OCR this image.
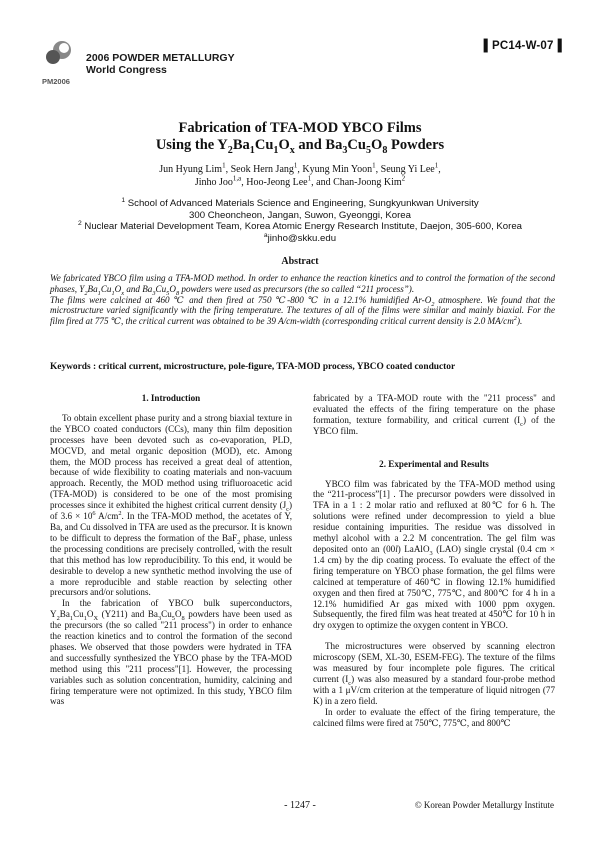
PM2006
2006 POWDER METALLURGY
World Congress
▌PC14-W-07▐
Fabrication of TFA-MOD YBCO Films
Using the $Y_2Ba_1Cu_1O_x$ and $Ba_3Cu_5O_8$ Powders
Jun Hyung Lim$^1$, Seok Hern Jang$^1$, Kyung Min Yoon$^1$, Seung Yi Lee$^1$,
Jinho Joo$^{1,a}$, Hoo-Jeong Lee$^1$, and Chan-Joong Kim$^2$
$^1$ School of Advanced Materials Science and Engineering, Sungkyunkwan University
300 Cheoncheon, Jangan, Suwon, Gyeonggi, Korea
$^2$ Nuclear Material Development Team, Korea Atomic Energy Research Institute, Daejon, 305-600, Korea
$^a$jinho@skku.edu
Abstract

We fabricated YBCO film using a TFA-MOD method. In order to enhance the reaction kinetics and to control the formation of the second phases, $Y_2Ba_1Cu_1O_x$ and $Ba_3Cu_5O_8$ powders were used as precursors (the so called “211 process”).

The films were calcined at 460 ℃ and then fired at 750 ℃-800 ℃ in a 12.1% humidified $Ar-O_2$ atmosphere. We found that the microstructure varied significantly with the firing temperature. The textures of all of the films were similar and mainly biaxial. For the film fired at 775 ℃, the critical current was obtained to be 39 A/cm-width (corresponding critical current density is 2.0 $MA/cm^2$).

Keywords : critical current, microstructure, pole-figure, TFA-MOD process, YBCO coated conductor

1. Introduction

To obtain excellent phase purity and a strong biaxial texture in the YBCO coated conductors (CCs), many thin film deposition processes have been devoted such as co-evaporation, PLD, MOCVD, and metal organic deposition (MOD), etc. Among them, the MOD process has received a great deal of attention, because of wide flexibility to coating materials and non-vacuum approach. Recently, the MOD method using trifluoroacetic acid (TFA-MOD) is considered to be one of the most promising processes since it exhibited the highest critical current density $(J_c)$ of $3.6 \times 10^6$ $A/cm^2$. In the TFA-MOD method, the acetates of Y, Ba, and Cu dissolved in TFA are used as the precursor. It is known to be difficult to depress the formation of the BaF$_2$ phase, unless the processing conditions are precisely controlled, with the result that this method has low reproducibility. To this end, it would be desirable to develop a new synthetic method involving the use of a more reproducible and stable reaction by selecting other precursors and/or solutions.

In the fabrication of YBCO bulk superconductors, $Y_2Ba_1Cu_1O_X$ (Y211) and $Ba_3Cu_5O_8$ powders have been used as the precursors (the so called "211 process") in order to enhance the reaction kinetics and to control the formation of the second phases. We observed that those powders were hydrated in TFA and successfully synthesized the YBCO phase by the TFA-MOD method using this "211 process"[1]. However, the processing variables such as solution concentration, humidity, calcining and firing temperature were not optimized. In this study, YBCO film was

fabricated by a TFA-MOD route with the "211 process" and evaluated the effects of the firing temperature on the phase formation, texture formability, and critical current $(I_c)$ of the YBCO film.

2. Experimental and Results

YBCO film was fabricated by the TFA-MOD method using the “211-process”[1] . The precursor powders were dissolved in TFA in a 1 : 2 molar ratio and refluxed at 80℃ for 6 h. The solutions were refined under decompression to yield a blue residue containing impurities. The residue was dissolved in methyl alcohol with a 2.2 M concentration. The gel film was deposited onto an (00l) LaAlO$_3$ (LAO) single crystal (0.4 cm × 1.4 cm) by the dip coating process. To evaluate the effect of the firing temperature on YBCO phase formation, the gel films were calcined at temperature of 460℃ in flowing 12.1% humidified oxygen and then fired at 750℃, 775℃, and 800℃ for 4 h in a 12.1% humidified Ar gas mixed with 1000 ppm oxygen. Subsequently, the fired film was heat treated at 450℃ for 10 h in dry oxygen to optimize the oxygen content in YBCO.

The microstructures were observed by scanning electron microscopy (SEM, XL-30, ESEM-FEG). The texture of the films was measured by four incomplete pole figures. The critical current $(I_c)$ was also measured by a standard four-probe method with a 1 μV/cm criterion at the temperature of liquid nitrogen (77 K) in a zero field.

In order to evaluate the effect of the firing temperature, the calcined films were fired at 750℃, 775℃, and 800℃

- 1247 -	© Korean Powder Metallurgy Institute
